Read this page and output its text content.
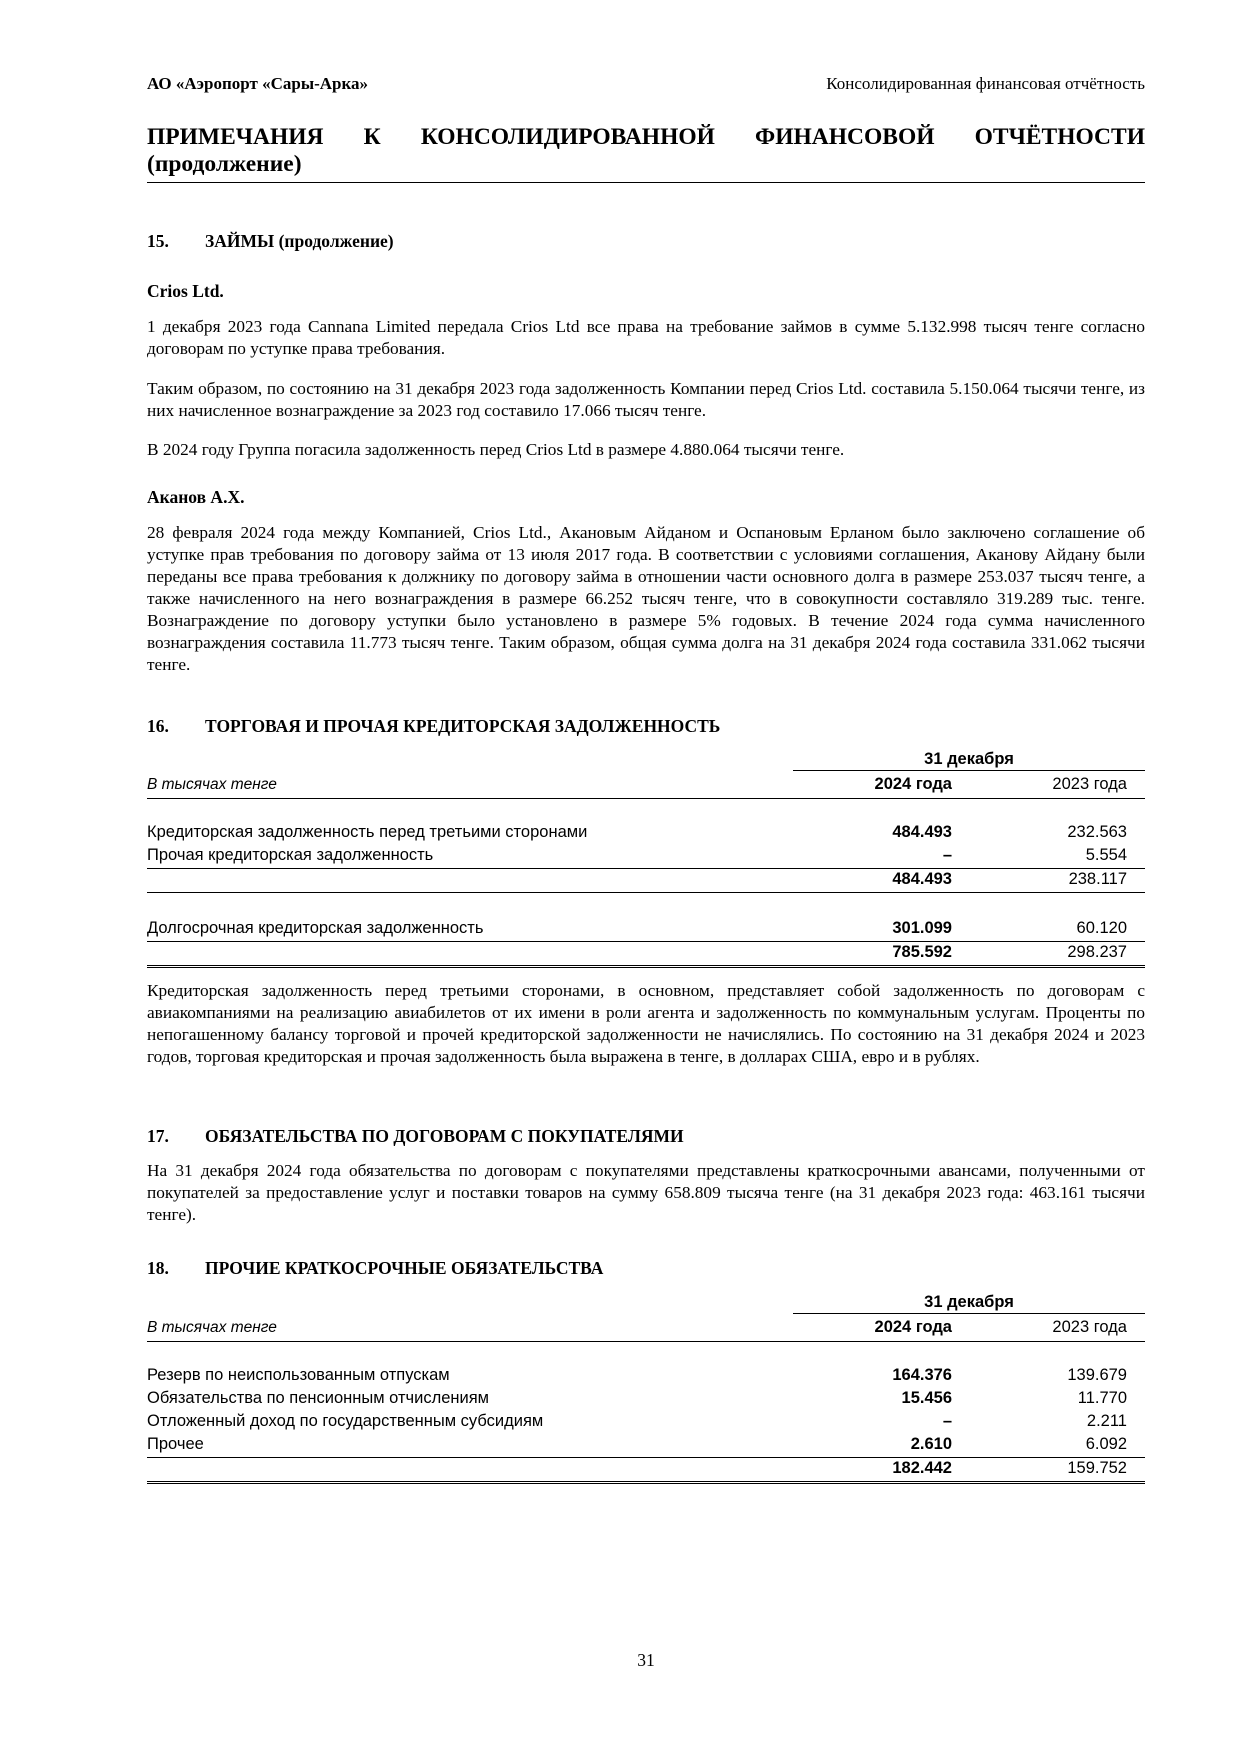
АО «Аэропорт «Сары-Арка»	Консолидированная финансовая отчётность
ПРИМЕЧАНИЯ К КОНСОЛИДИРОВАННОЙ ФИНАНСОВОЙ ОТЧЁТНОСТИ
(продолжение)
15. ЗАЙМЫ (продолжение)
Crios Ltd.
1 декабря 2023 года Cannana Limited передала Crios Ltd все права на требование займов в сумме 5.132.998 тысяч тенге согласно договорам по уступке права требования.
Таким образом, по состоянию на 31 декабря 2023 года задолженность Компании перед Crios Ltd. составила 5.150.064 тысячи тенге, из них начисленное вознаграждение за 2023 год составило 17.066 тысяч тенге.
В 2024 году Группа погасила задолженность перед Crios Ltd в размере 4.880.064 тысячи тенге.
Аканов А.Х.
28 февраля 2024 года между Компанией, Crios Ltd., Акановым Айданом и Оспановым Ерланом было заключено соглашение об уступке прав требования по договору займа от 13 июля 2017 года. В соответствии с условиями соглашения, Аканову Айдану были переданы все права требования к должнику по договору займа в отношении части основного долга в размере 253.037 тысяч тенге, а также начисленного на него вознаграждения в размере 66.252 тысяч тенге, что в совокупности составляло 319.289 тыс. тенге. Вознаграждение по договору уступки было установлено в размере 5% годовых. В течение 2024 года сумма начисленного вознаграждения составила 11.773 тысяч тенге. Таким образом, общая сумма долга на 31 декабря 2024 года составила 331.062 тысячи тенге.
16. ТОРГОВАЯ И ПРОЧАЯ КРЕДИТОРСКАЯ ЗАДОЛЖЕННОСТЬ
31 декабря
В тысячах тенге	2024 года	2023 года
Кредиторская задолженность перед третьими сторонами	484.493	232.563
Прочая кредиторская задолженность	–	5.554
484.493	238.117
Долгосрочная кредиторская задолженность	301.099	60.120
785.592	298.237
Кредиторская задолженность перед третьими сторонами, в основном, представляет собой задолженность по договорам с авиакомпаниями на реализацию авиабилетов от их имени в роли агента и задолженность по коммунальным услугам. Проценты по непогашенному балансу торговой и прочей кредиторской задолженности не начислялись. По состоянию на 31 декабря 2024 и 2023 годов, торговая кредиторская и прочая задолженность была выражена в тенге, в долларах США, евро и в рублях.
17. ОБЯЗАТЕЛЬСТВА ПО ДОГОВОРАМ С ПОКУПАТЕЛЯМИ
На 31 декабря 2024 года обязательства по договорам с покупателями представлены краткосрочными авансами, полученными от покупателей за предоставление услуг и поставки товаров на сумму 658.809 тысяча тенге (на 31 декабря 2023 года: 463.161 тысячи тенге).
18. ПРОЧИЕ КРАТКОСРОЧНЫЕ ОБЯЗАТЕЛЬСТВА
31 декабря
В тысячах тенге	2024 года	2023 года
Резерв по неиспользованным отпускам	164.376	139.679
Обязательства по пенсионным отчислениям	15.456	11.770
Отложенный доход по государственным субсидиям	–	2.211
Прочее	2.610	6.092
182.442	159.752
31
